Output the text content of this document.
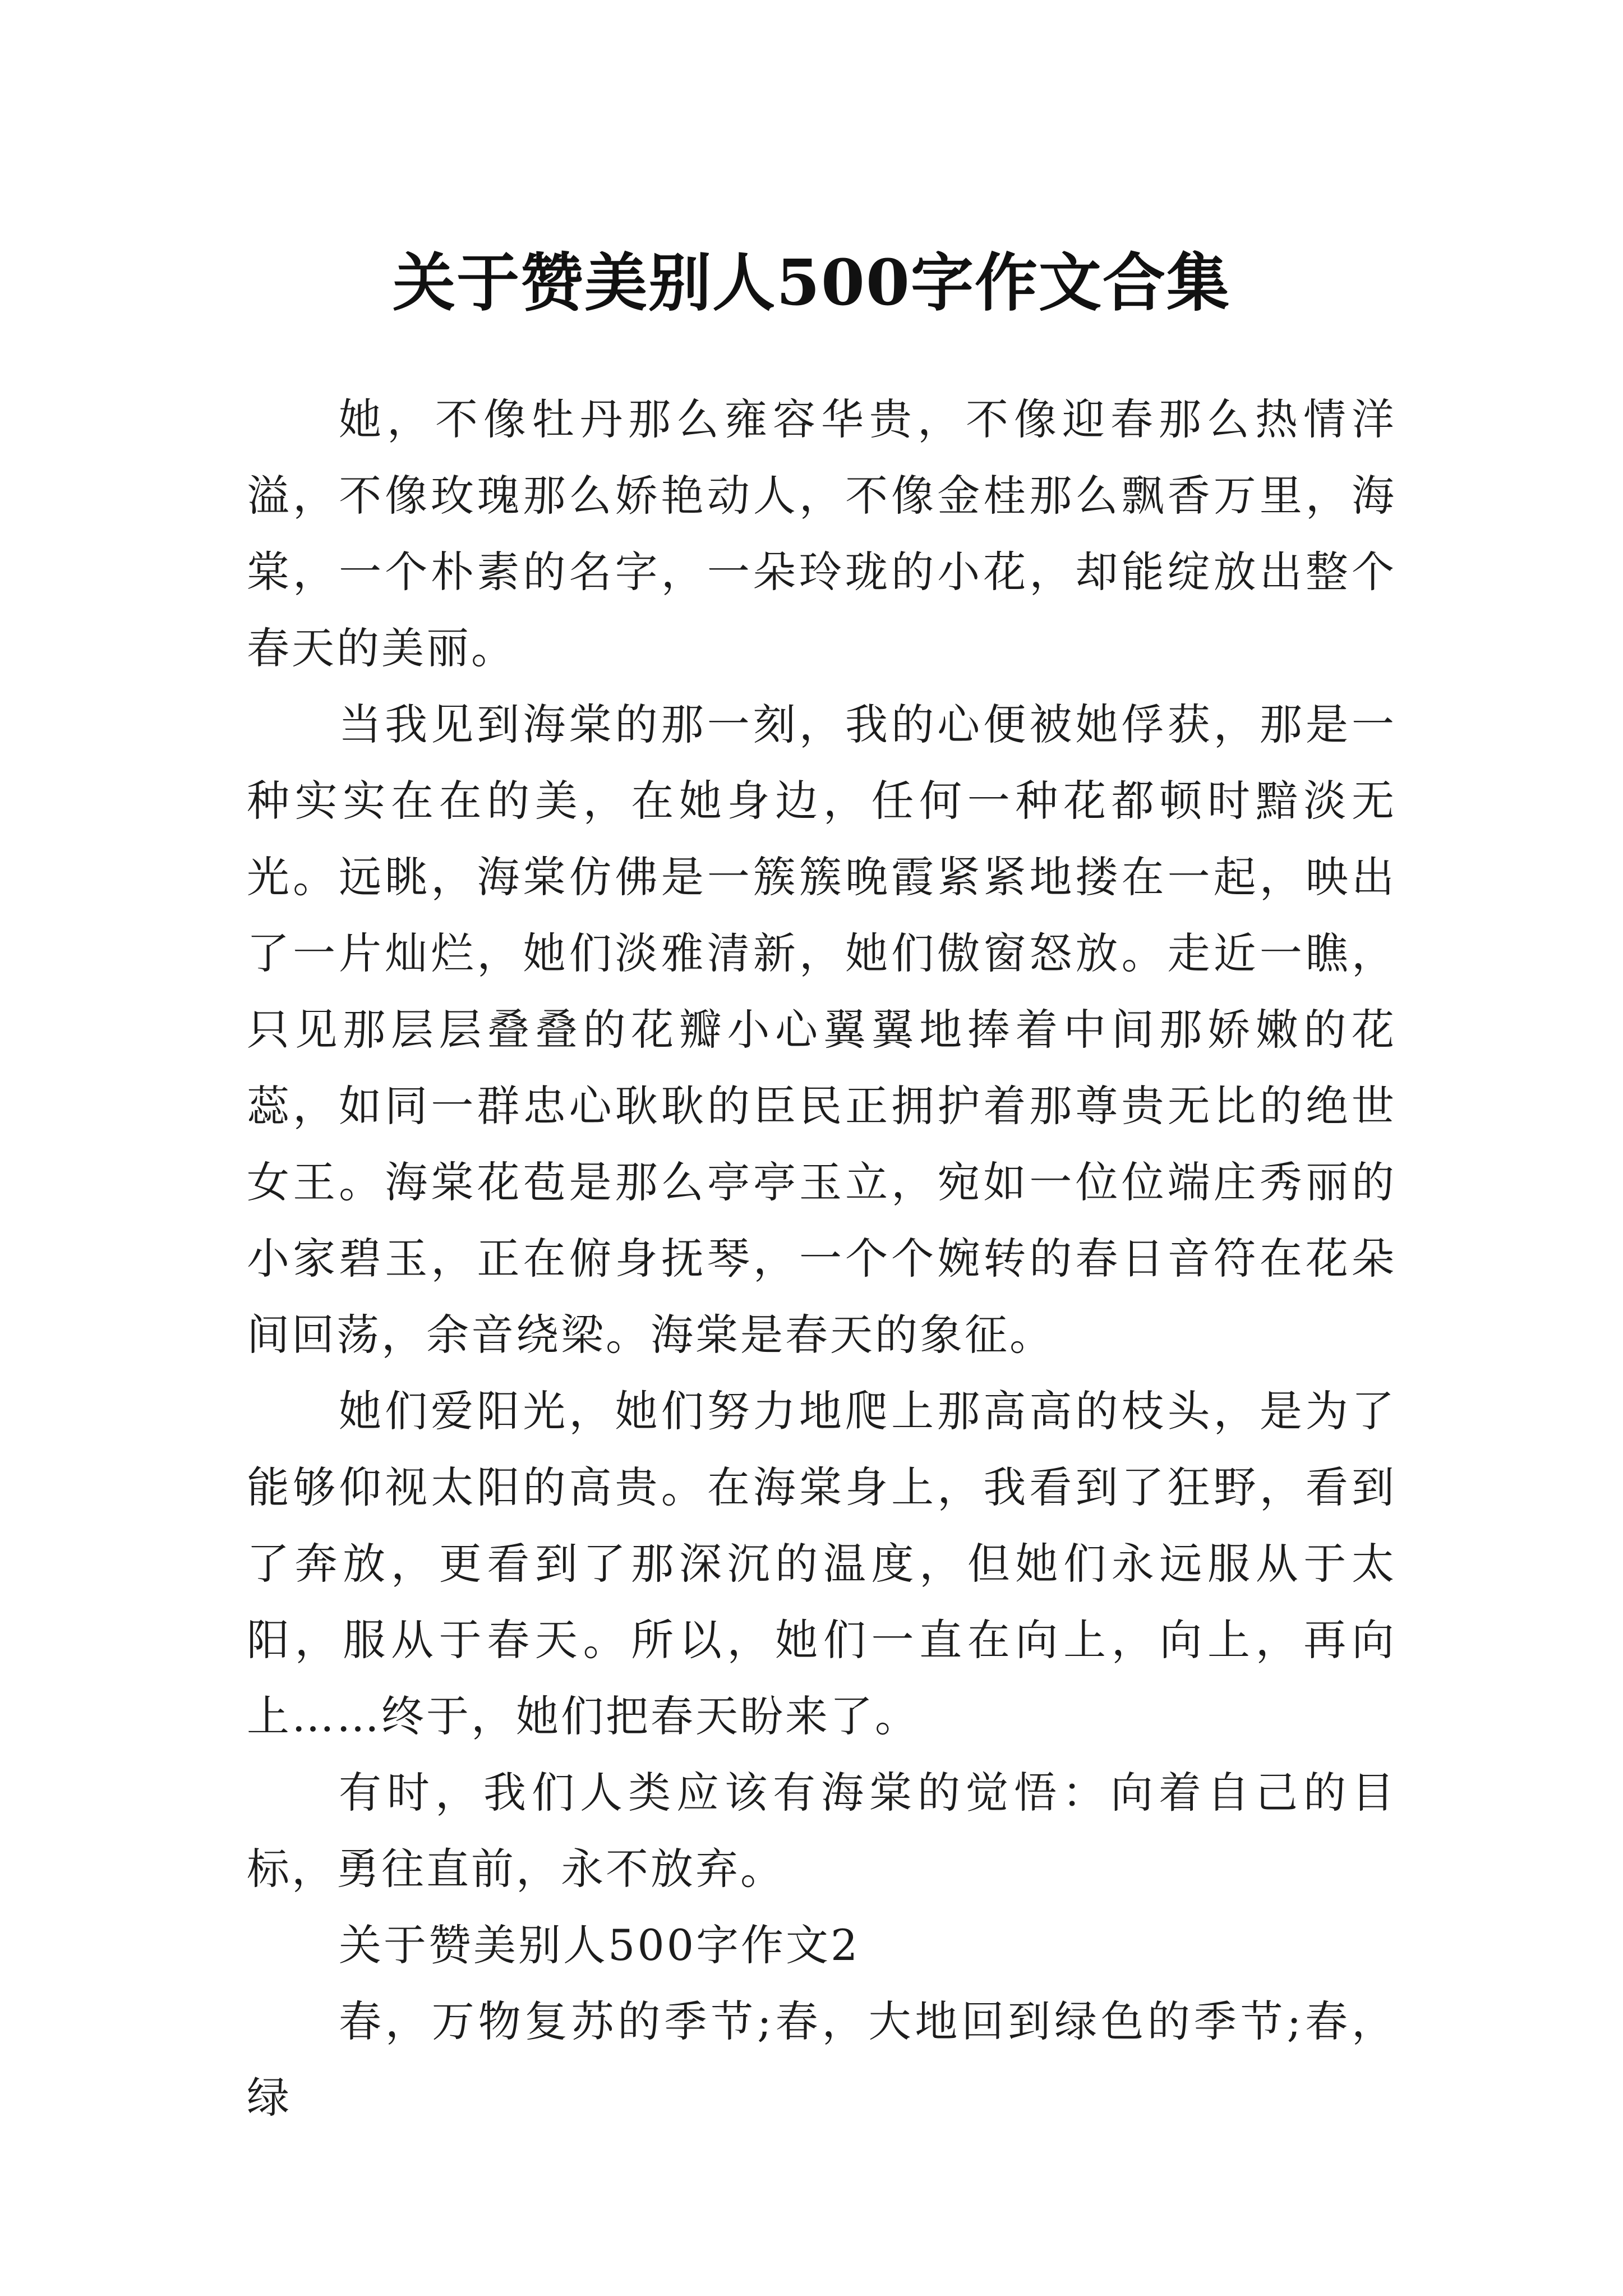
关于赞美别人500字作文合集

她，不像牡丹那么雍容华贵，不像迎春那么热情洋溢，不像玫瑰那么娇艳动人，不像金桂那么飘香万里，海棠，一个朴素的名字，一朵玲珑的小花，却能绽放出整个春天的美丽。

当我见到海棠的那一刻，我的心便被她俘获，那是一种实实在在的美，在她身边，任何一种花都顿时黯淡无光。远眺，海棠仿佛是一簇簇晚霞紧紧地搂在一起，映出了一片灿烂，她们淡雅清新，她们傲窗怒放。走近一瞧，只见那层层叠叠的花瓣小心翼翼地捧着中间那娇嫩的花蕊，如同一群忠心耿耿的臣民正拥护着那尊贵无比的绝世女王。海棠花苞是那么亭亭玉立，宛如一位位端庄秀丽的小家碧玉，正在俯身抚琴，一个个婉转的春日音符在花朵间回荡，余音绕梁。海棠是春天的象征。

她们爱阳光，她们努力地爬上那高高的枝头，是为了能够仰视太阳的高贵。在海棠身上，我看到了狂野，看到了奔放，更看到了那深沉的温度，但她们永远服从于太阳，服从于春天。所以，她们一直在向上，向上，再向上……终于，她们把春天盼来了。

有时，我们人类应该有海棠的觉悟：向着自己的目标，勇往直前，永不放弃。

关于赞美别人500字作文2

春，万物复苏的季节;春，大地回到绿色的季节;春，绿
